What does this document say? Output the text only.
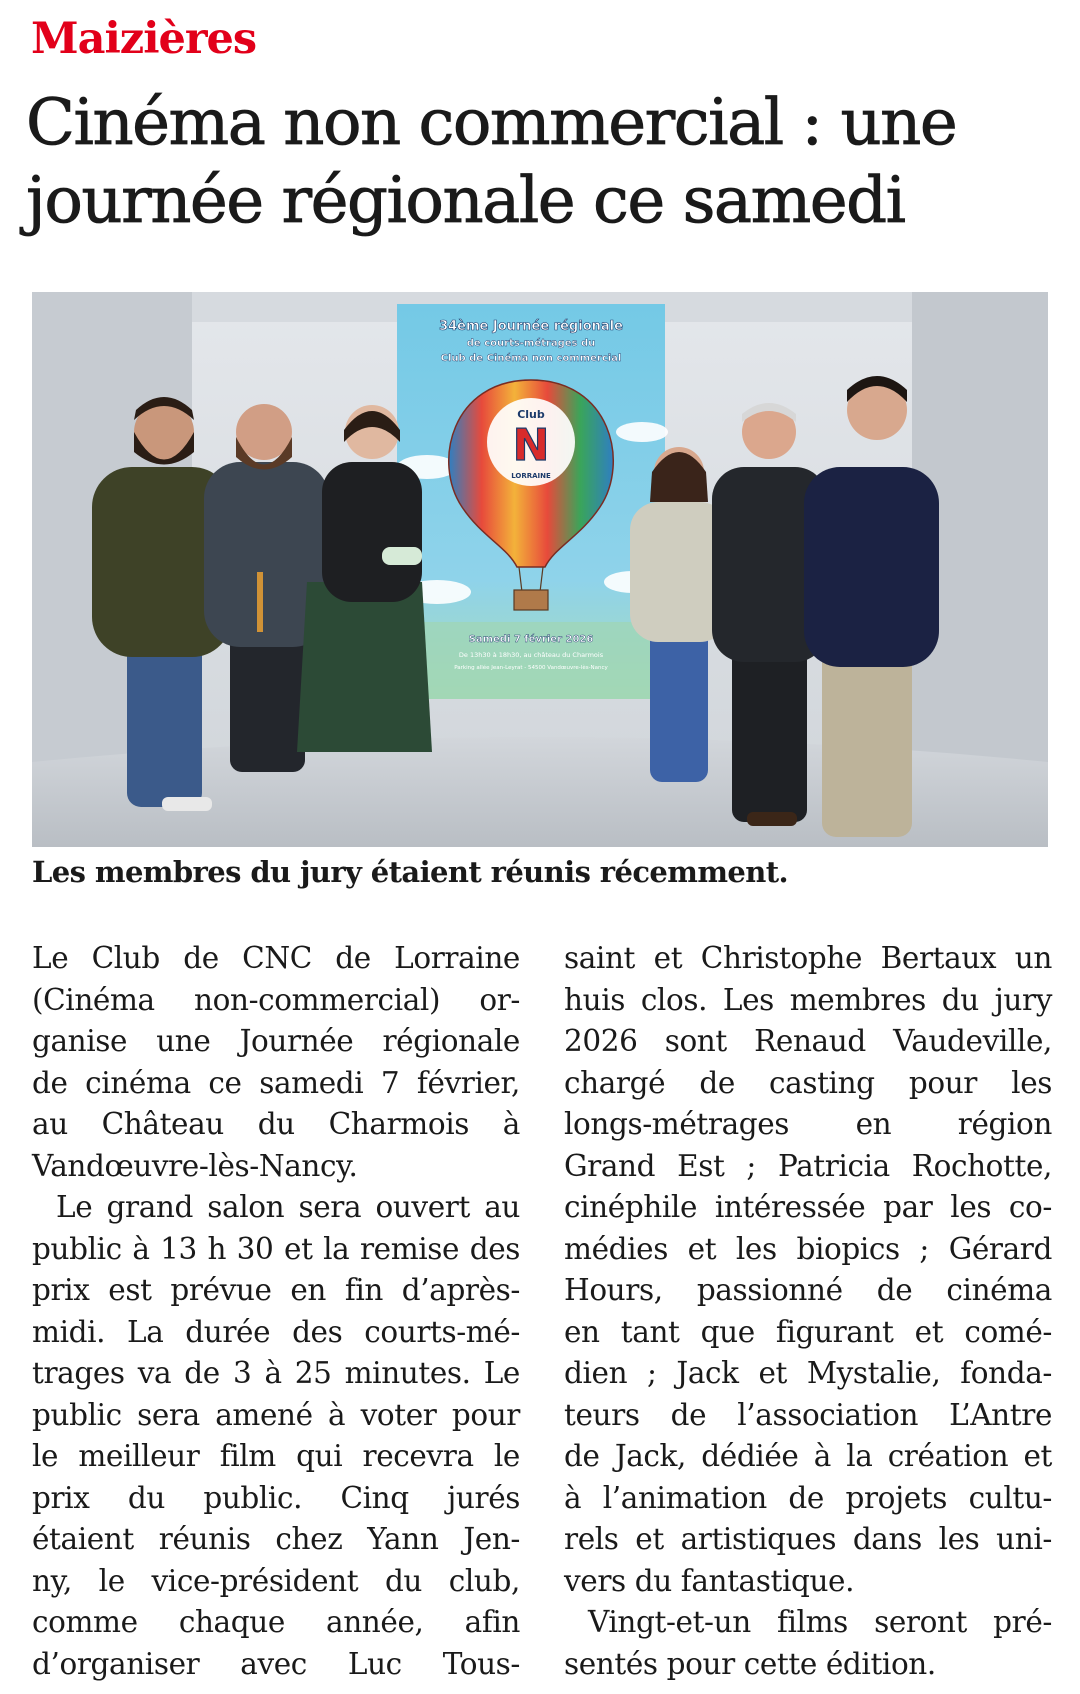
Maizières
Cinéma non commercial : une
journée régionale ce samedi
34ème Journée régionale
de courts-métrages du
Club de Cinéma non commercial
Club
N
LORRAINE
Samedi 7 février 2026
De 13h30 à 18h30, au château du Charmois
Parking allée Jean-Leyrat - 54500 Vandœuvre-lès-Nancy
Les membres du jury étaient réunis récemment.
Le Club de CNC de Lorraine
(Cinéma non-commercial) or-
ganise une Journée régionale
de cinéma ce samedi 7 février,
au Château du Charmois à
Vandœuvre-lès-Nancy.
Le grand salon sera ouvert au
public à 13 h 30 et la remise des
prix est prévue en fin d’après-
midi. La durée des courts-mé-
trages va de 3 à 25 minutes. Le
public sera amené à voter pour
le meilleur film qui recevra le
prix du public. Cinq jurés
étaient réunis chez Yann Jen-
ny, le vice-président du club,
comme chaque année, afin
d’organiser avec Luc Tous-
saint et Christophe Bertaux un
huis clos. Les membres du jury
2026 sont Renaud Vaudeville,
chargé de casting pour les
longs-métrages en région
Grand Est ; Patricia Rochotte,
cinéphile intéressée par les co-
médies et les biopics ; Gérard
Hours, passionné de cinéma
en tant que figurant et comé-
dien ; Jack et Mystalie, fonda-
teurs de l’association L’Antre
de Jack, dédiée à la création et
à l’animation de projets cultu-
rels et artistiques dans les uni-
vers du fantastique.
Vingt-et-un films seront pré-
sentés pour cette édition.
